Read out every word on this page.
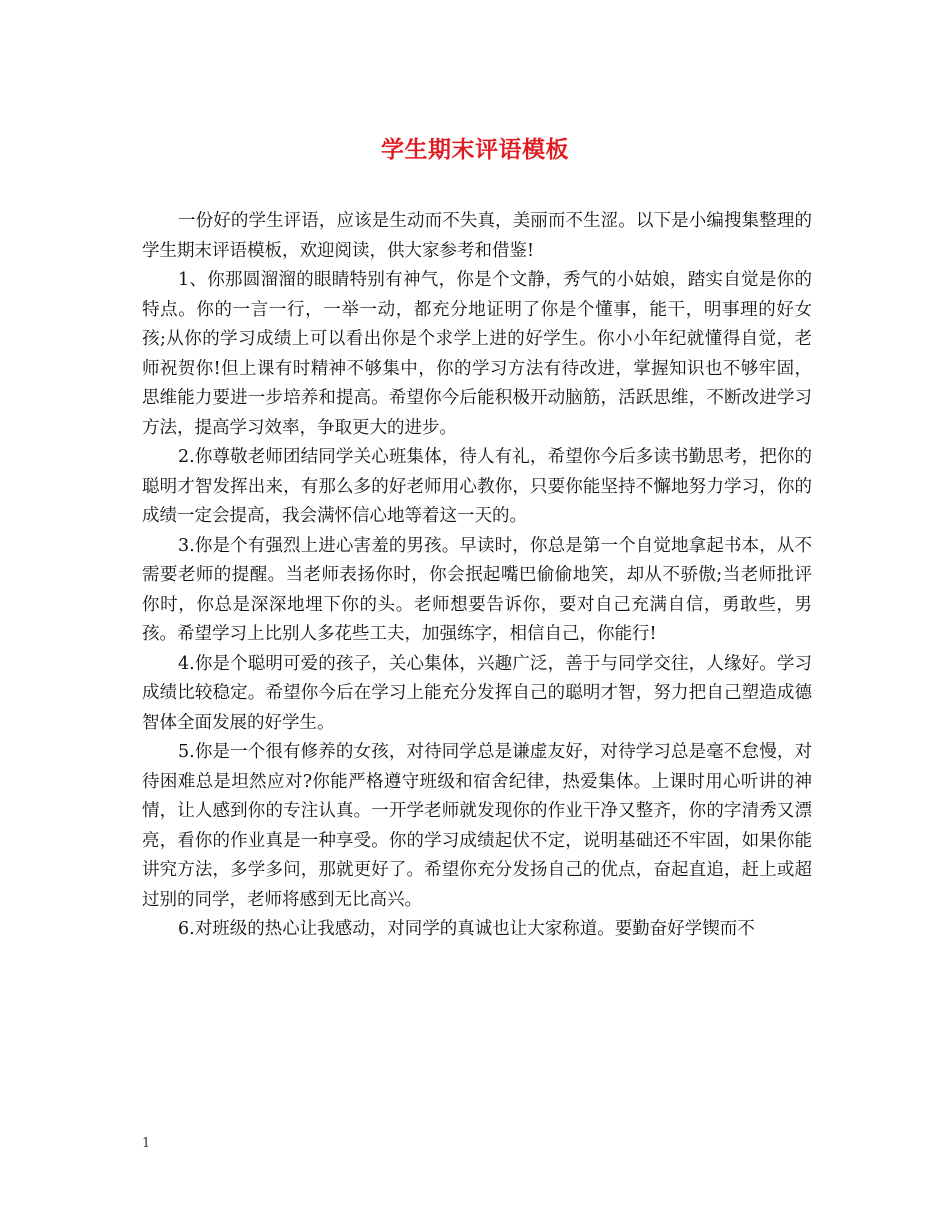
学生期末评语模板

一份好的学生评语，应该是生动而不失真，美丽而不生涩。以下是小编搜集整理的学生期末评语模板，欢迎阅读，供大家参考和借鉴!

1、你那圆溜溜的眼睛特别有神气，你是个文静，秀气的小姑娘，踏实自觉是你的特点。你的一言一行，一举一动，都充分地证明了你是个懂事，能干，明事理的好女孩;从你的学习成绩上可以看出你是个求学上进的好学生。你小小年纪就懂得自觉，老师祝贺你!但上课有时精神不够集中，你的学习方法有待改进，掌握知识也不够牢固，思维能力要进一步培养和提高。希望你今后能积极开动脑筋，活跃思维，不断改进学习方法，提高学习效率，争取更大的进步。

2.你尊敬老师团结同学关心班集体，待人有礼，希望你今后多读书勤思考，把你的聪明才智发挥出来，有那么多的好老师用心教你，只要你能坚持不懈地努力学习，你的成绩一定会提高，我会满怀信心地等着这一天的。

3.你是个有强烈上进心害羞的男孩。早读时，你总是第一个自觉地拿起书本，从不需要老师的提醒。当老师表扬你时，你会抿起嘴巴偷偷地笑，却从不骄傲;当老师批评你时，你总是深深地埋下你的头。老师想要告诉你，要对自己充满自信，勇敢些，男孩。希望学习上比别人多花些工夫，加强练字，相信自己，你能行!

4.你是个聪明可爱的孩子，关心集体，兴趣广泛，善于与同学交往，人缘好。学习成绩比较稳定。希望你今后在学习上能充分发挥自己的聪明才智，努力把自己塑造成德智体全面发展的好学生。

5.你是一个很有修养的女孩，对待同学总是谦虚友好，对待学习总是毫不怠慢，对待困难总是坦然应对?你能严格遵守班级和宿舍纪律，热爱集体。上课时用心听讲的神情，让人感到你的专注认真。一开学老师就发现你的作业干净又整齐，你的字清秀又漂亮，看你的作业真是一种享受。你的学习成绩起伏不定，说明基础还不牢固，如果你能讲究方法，多学多问，那就更好了。希望你充分发扬自己的优点，奋起直追，赶上或超过别的同学，老师将感到无比高兴。

6.对班级的热心让我感动，对同学的真诚也让大家称道。要勤奋好学锲而不

1
